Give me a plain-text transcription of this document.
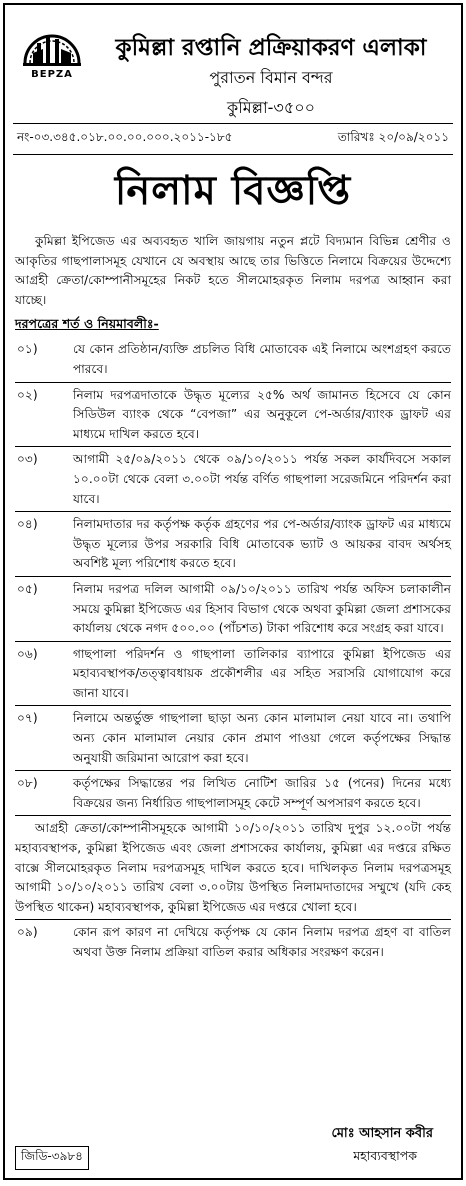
BEPZA
কুমিল্লা রপ্তানি প্রক্রিয়াকরণ এলাকা
পুরাতন বিমান বন্দর
কুমিল্লা-৩৫০০
নং-০৩.৩৪৫.০১৮.০০.০০.০০০.২০১১-১৮৫	তারিখঃ ২০/০৯/২০১১
নিলাম বিজ্ঞপ্তি
কুমিল্লা ইপিজেড এর অব্যবহৃত খালি জায়গায় নতুন প্লটে বিদ্যমান বিভিন্ন শ্রেণীর ও আকৃতির গাছপালাসমূহ যেখানে যে অবস্থায় আছে তার ভিত্তিতে নিলামে বিক্রয়ের উদ্দেশ্যে আগ্রহী ক্রেতা/কোম্পানীসমূহের নিকট হতে সীলমোহরকৃত নিলাম দরপত্র আহ্বান করা যাচ্ছে।
দরপত্রের শর্ত ও নিয়মাবলীঃ-
০১)	যে কোন প্রতিষ্ঠান/ব্যক্তি প্রচলিত বিধি মোতাবেক এই নিলামে অংশগ্রহণ করতে পারবে।
০২)	নিলাম দরপত্রদাতাকে উদ্ধৃত মূল্যের ২৫% অর্থ জামানত হিসেবে যে কোন সিডিউল ব্যাংক থেকে “বেপজা” এর অনুকূলে পে-অর্ডার/ব্যাংক ড্রাফট এর মাধ্যমে দাখিল করতে হবে।
০৩)	আগামী ২৫/০৯/২০১১ থেকে ০৯/১০/২০১১ পর্যন্ত সকল কার্যদিবসে সকাল ১০.০০টা থেকে বেলা ৩.০০টা পর্যন্ত বর্ণিত গাছপালা সরেজমিনে পরিদর্শন করা যাবে।
০৪)	নিলামদাতার দর কর্তৃপক্ষ কর্তৃক গ্রহণের পর পে-অর্ডার/ব্যাংক ড্রাফট এর মাধ্যমে উদ্ধৃত মূল্যের উপর সরকারি বিধি মোতাবেক ভ্যাট ও আয়কর বাবদ অর্থসহ অবশিষ্ট মূল্য পরিশোধ করতে হবে।
০৫)	নিলাম দরপত্র দলিল আগামী ০৯/১০/২০১১ তারিখ পর্যন্ত অফিস চলাকালীন সময়ে কুমিল্লা ইপিজেড এর হিসাব বিভাগ থেকে অথবা কুমিল্লা জেলা প্রশাসকের কার্যালয় থেকে নগদ ৫০০.০০ (পাঁচশত) টাকা পরিশোধ করে সংগ্রহ করা যাবে।
০৬)	গাছপালা পরিদর্শন ও গাছপালা তালিকার ব্যাপারে কুমিল্লা ইপিজেড এর মহাব্যবস্থাপক/তত্ত্বাবধায়ক প্রকৌশলীর এর সহিত সরাসরি যোগাযোগ করে জানা যাবে।
০৭)	নিলামে অন্তর্ভুক্ত গাছপালা ছাড়া অন্য কোন মালামাল নেয়া যাবে না। তথাপি অন্য কোন মালামাল নেয়ার কোন প্রমাণ পাওয়া গেলে কর্তৃপক্ষের সিদ্ধান্ত অনুযায়ী জরিমানা আরোপ করা হবে।
০৮)	কর্তৃপক্ষের সিদ্ধান্তের পর লিখিত নোটিশ জারির ১৫ (পনের) দিনের মধ্যে বিক্রয়ের জন্য নির্ধারিত গাছপালাসমূহ কেটে সম্পূর্ণ অপসারণ করতে হবে।
আগ্রহী ক্রেতা/কোম্পানীসমূহকে আগামী ১০/১০/২০১১ তারিখ দুপুর ১২.০০টা পর্যন্ত মহাব্যবস্থাপক, কুমিল্লা ইপিজেড এবং জেলা প্রশাসকের কার্যালয়, কুমিল্লা এর দপ্তরে রক্ষিত বাক্সে সীলমোহরকৃত নিলাম দরপত্রসমূহ দাখিল করতে হবে। দাখিলকৃত নিলাম দরপত্রসমূহ আগামী ১০/১০/২০১১ তারিখ বেলা ৩.০০টায় উপস্থিত নিলামদাতাদের সম্মুখে (যদি কেহ উপস্থিত থাকেন) মহাব্যবস্থাপক, কুমিল্লা ইপিজেড এর দপ্তরে খোলা হবে।
০৯)	কোন রূপ কারণ না দেখিয়ে কর্তৃপক্ষ যে কোন নিলাম দরপত্র গ্রহণ বা বাতিল অথবা উক্ত নিলাম প্রক্রিয়া বাতিল করার অধিকার সংরক্ষণ করেন।
জিডি-৩৯৮৪
মোঃ আহসান কবীর
মহাব্যবস্থাপক
